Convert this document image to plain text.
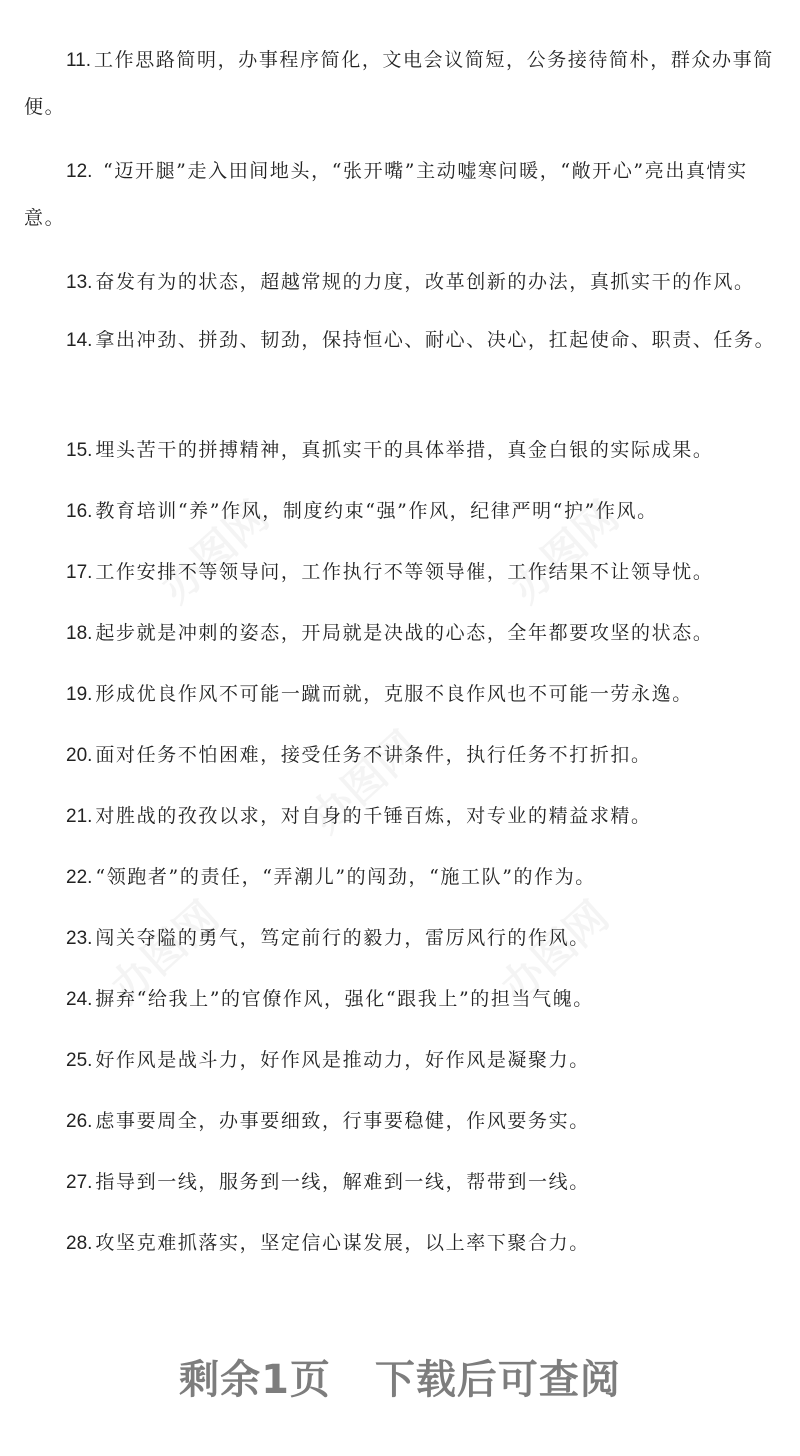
11. 工作思路简明，办事程序简化，文电会议简短，公务接待简朴，群众办事简便。

12. “迈开腿”走入田间地头，“张开嘴”主动嘘寒问暖，“敞开心”亮出真情实意。

13. 奋发有为的状态，超越常规的力度，改革创新的办法，真抓实干的作风。

14. 拿出冲劲、拼劲、韧劲，保持恒心、耐心、决心，扛起使命、职责、任务。

15. 埋头苦干的拼搏精神，真抓实干的具体举措，真金白银的实际成果。

16. 教育培训“养”作风，制度约束“强”作风，纪律严明“护”作风。

17. 工作安排不等领导问，工作执行不等领导催，工作结果不让领导忧。

18. 起步就是冲刺的姿态，开局就是决战的心态，全年都要攻坚的状态。

19. 形成优良作风不可能一蹴而就，克服不良作风也不可能一劳永逸。

20. 面对任务不怕困难，接受任务不讲条件，执行任务不打折扣。

21. 对胜战的孜孜以求，对自身的千锤百炼，对专业的精益求精。

22. “领跑者”的责任，“弄潮儿”的闯劲，“施工队”的作为。

23. 闯关夺隘的勇气，笃定前行的毅力，雷厉风行的作风。

24. 摒弃“给我上”的官僚作风，强化“跟我上”的担当气魄。

25. 好作风是战斗力，好作风是推动力，好作风是凝聚力。

26. 虑事要周全，办事要细致，行事要稳健，作风要务实。

27. 指导到一线，服务到一线，解难到一线，帮带到一线。

28. 攻坚克难抓落实，坚定信心谋发展，以上率下聚合力。

剩余1页 下载后可查阅
